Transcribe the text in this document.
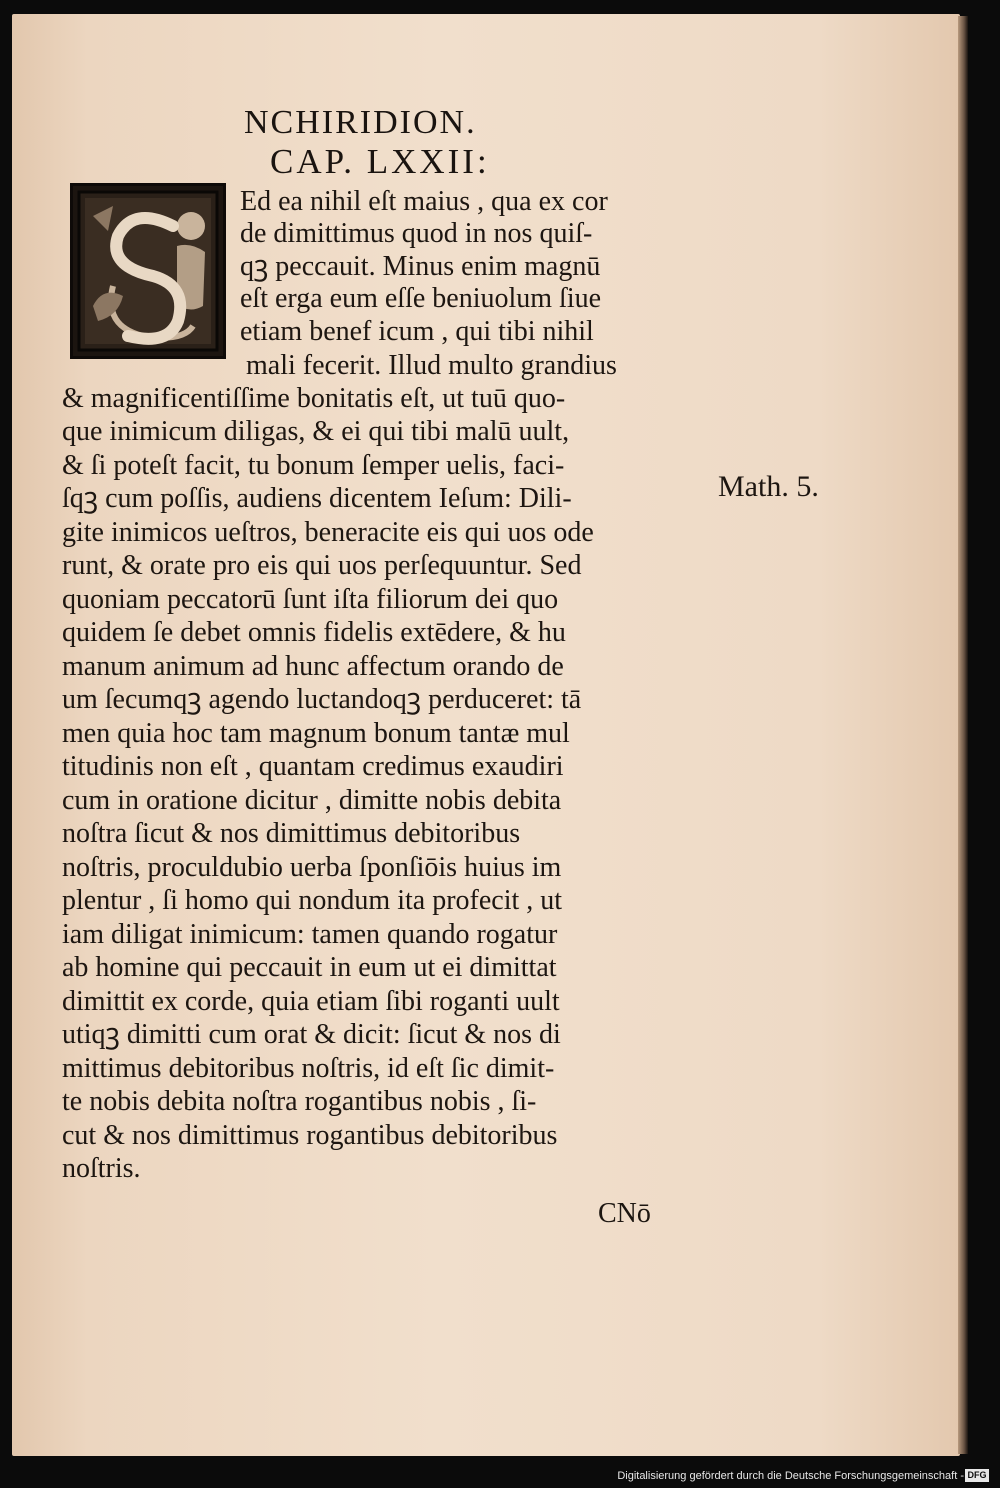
NCHIRIDION.
CAP. LXXII:
Ed ea nihil eſt maius , qua ex cor
de dimittimus quod in nos quiſ-
qꝫ peccauit. Minus enim magnū
eſt erga eum eſſe beniuolum ſiue
etiam benef icum , qui tibi nihil
mali fecerit. Illud multo grandius
& magnificentiſſime bonitatis eſt, ut tuū quo-
que inimicum diligas, & ei qui tibi malū uult,
& ſi poteſt facit, tu bonum ſemper uelis, faci-
ſqꝫ cum poſſis, audiens dicentem Ieſum: Dili-
gite inimicos ueſtros, beneracite eis qui uos ode
runt, & orate pro eis qui uos perſequuntur. Sed
quoniam peccatorū ſunt iſta filiorum dei quo
quidem ſe debet omnis fidelis extēdere, & hu
manum animum ad hunc affectum orando de
um ſecumqꝫ agendo luctandoqꝫ perduceret: tā
men quia hoc tam magnum bonum tantæ mul
titudinis non eſt , quantam credimus exaudiri
cum in oratione dicitur , dimitte nobis debita
noſtra ſicut & nos dimittimus debitoribus
noſtris, proculdubio uerba ſponſiōis huius im
plentur , ſi homo qui nondum ita profecit , ut
iam diligat inimicum: tamen quando rogatur
ab homine qui peccauit in eum ut ei dimittat
dimittit ex corde, quia etiam ſibi roganti uult
utiqꝫ dimitti cum orat & dicit: ſicut & nos di
mittimus debitoribus noſtris, id eſt ſic dimit-
te nobis debita noſtra rogantibus nobis , ſi-
cut & nos dimittimus rogantibus debitoribus
noſtris.
Math. 5.
CNō
Digitalisierung gefördert durch die Deutsche Forschungsgemeinschaft - DFG
